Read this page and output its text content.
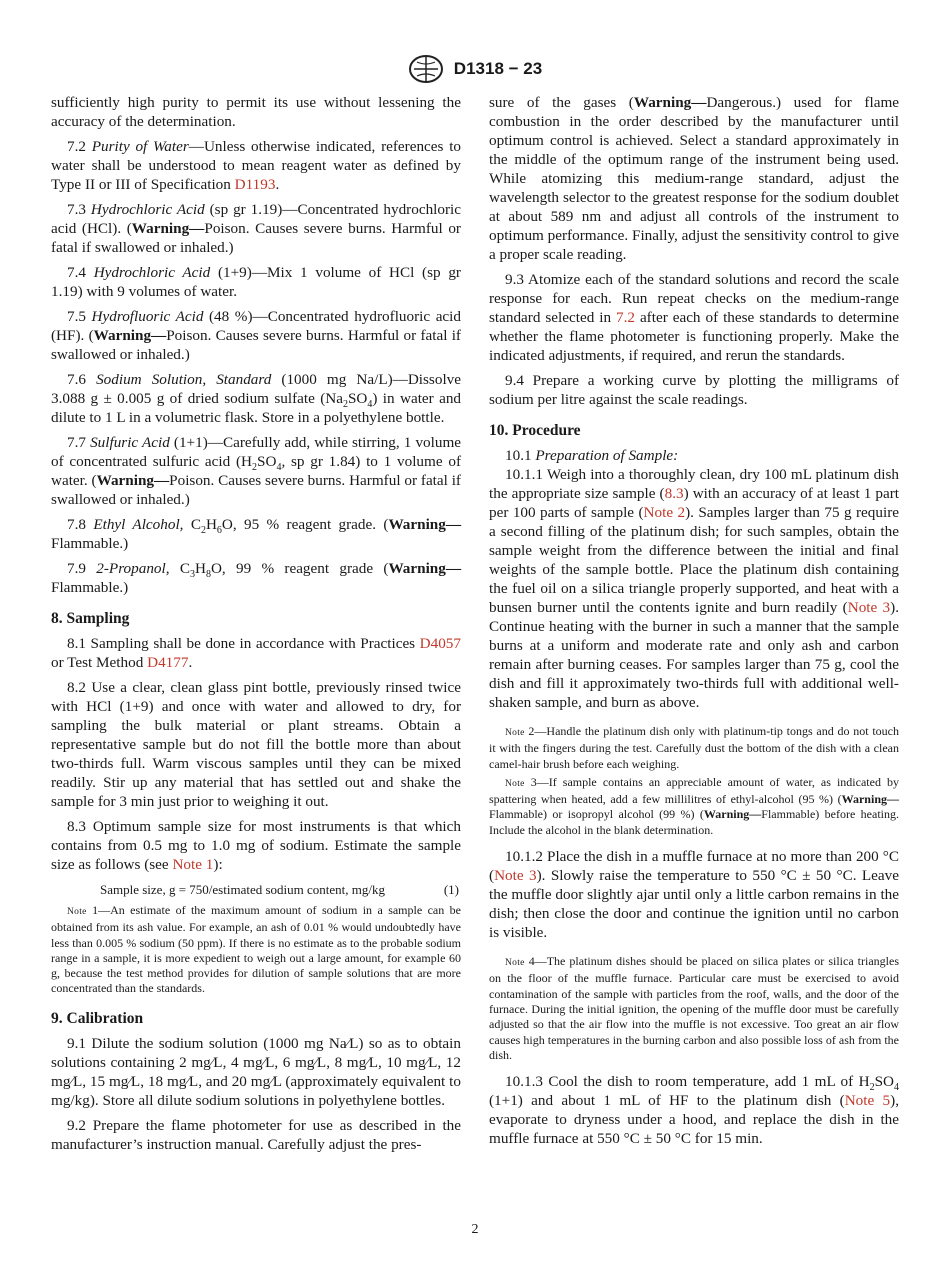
D1318 − 23

sufficiently high purity to permit its use without lessening the accuracy of the determination.

7.2 Purity of Water—Unless otherwise indicated, references to water shall be understood to mean reagent water as defined by Type II or III of Specification D1193.

7.3 Hydrochloric Acid (sp gr 1.19)—Concentrated hydrochloric acid (HCl). (Warning—Poison. Causes severe burns. Harmful or fatal if swallowed or inhaled.)

7.4 Hydrochloric Acid (1+9)—Mix 1 volume of HCl (sp gr 1.19) with 9 volumes of water.

7.5 Hydrofluoric Acid (48 %)—Concentrated hydrofluoric acid (HF). (Warning—Poison. Causes severe burns. Harmful or fatal if swallowed or inhaled.)

7.6 Sodium Solution, Standard (1000 mg Na/L)—Dissolve 3.088 g ± 0.005 g of dried sodium sulfate $(Na_2SO_4)$ in water and dilute to 1 L in a volumetric flask. Store in a polyethylene bottle.

7.7 Sulfuric Acid (1+1)—Carefully add, while stirring, 1 volume of concentrated sulfuric acid ($H_2SO_4$, sp gr 1.84) to 1 volume of water. (Warning—Poison. Causes severe burns. Harmful or fatal if swallowed or inhaled.)

7.8 Ethyl Alcohol, $C_2H_6O$, 95 % reagent grade. (Warning—Flammable.)

7.9 2-Propanol, $C_3H_8O$, 99 % reagent grade (Warning—Flammable.)

8. Sampling

8.1 Sampling shall be done in accordance with Practices D4057 or Test Method D4177.

8.2 Use a clear, clean glass pint bottle, previously rinsed twice with HCl (1+9) and once with water and allowed to dry, for sampling the bulk material or plant streams. Obtain a representative sample but do not fill the bottle more than about two-thirds full. Warm viscous samples until they can be mixed readily. Stir up any material that has settled out and shake the sample for 3 min just prior to weighing it out.

8.3 Optimum sample size for most instruments is that which contains from 0.5 mg to 1.0 mg of sodium. Estimate the sample size as follows (see Note 1):

Sample size, g = 750/estimated sodium content, mg/kg	(1)
Note 1—An estimate of the maximum amount of sodium in a sample can be obtained from its ash value. For example, an ash of 0.01 % would undoubtedly have less than 0.005 % sodium (50 ppm). If there is no estimate as to the probable sodium range in a sample, it is more expedient to weigh out a large amount, for example 60 g, because the test method provides for dilution of sample solutions that are more concentrated than the standards.
9. Calibration

9.1 Dilute the sodium solution (1000 mg Na⁄L) so as to obtain solutions containing 2 mg⁄L, 4 mg⁄L, 6 mg⁄L, 8 mg⁄L, 10 mg⁄L, 12 mg⁄L, 15 mg⁄L, 18 mg⁄L, and 20 mg⁄L (approximately equivalent to mg/kg). Store all dilute sodium solutions in polyethylene bottles.

9.2 Prepare the flame photometer for use as described in the manufacturer’s instruction manual. Carefully adjust the pres-

sure of the gases (Warning—Dangerous.) used for flame combustion in the order described by the manufacturer until optimum control is achieved. Select a standard approximately in the middle of the optimum range of the instrument being used. While atomizing this medium-range standard, adjust the wavelength selector to the greatest response for the sodium doublet at about 589 nm and adjust all controls of the instrument to optimum performance. Finally, adjust the sensitivity control to give a proper scale reading.

9.3 Atomize each of the standard solutions and record the scale response for each. Run repeat checks on the medium-range standard selected in 7.2 after each of these standards to determine whether the flame photometer is functioning properly. Make the indicated adjustments, if required, and rerun the standards.

9.4 Prepare a working curve by plotting the milligrams of sodium per litre against the scale readings.

10. Procedure

10.1 Preparation of Sample:

10.1.1 Weigh into a thoroughly clean, dry 100 mL platinum dish the appropriate size sample (8.3) with an accuracy of at least 1 part per 100 parts of sample (Note 2). Samples larger than 75 g require a second filling of the platinum dish; for such samples, obtain the sample weight from the difference between the initial and final weights of the sample bottle. Place the platinum dish containing the fuel oil on a silica triangle properly supported, and heat with a bunsen burner until the contents ignite and burn readily (Note 3). Continue heating with the burner in such a manner that the sample burns at a uniform and moderate rate and only ash and carbon remain after burning ceases. For samples larger than 75 g, cool the dish and fill it approximately two-thirds full with additional well-shaken sample, and burn as above.

Note 2—Handle the platinum dish only with platinum-tip tongs and do not touch it with the fingers during the test. Carefully dust the bottom of the dish with a clean camel-hair brush before each weighing.
Note 3—If sample contains an appreciable amount of water, as indicated by spattering when heated, add a few millilitres of ethyl-alcohol (95 %) (Warning—Flammable) or isopropyl alcohol (99 %) (Warning—Flammable) before heating. Include the alcohol in the blank determination.

10.1.2 Place the dish in a muffle furnace at no more than 200 °C (Note 3). Slowly raise the temperature to 550 °C ± 50 °C. Leave the muffle door slightly ajar until only a little carbon remains in the dish; then close the door and continue the ignition until no carbon is visible.

Note 4—The platinum dishes should be placed on silica plates or silica triangles on the floor of the muffle furnace. Particular care must be exercised to avoid contamination of the sample with particles from the roof, walls, and the door of the furnace. During the initial ignition, the opening of the muffle door must be carefully adjusted so that the air flow into the muffle is not excessive. Too great an air flow causes high temperatures in the burning carbon and also possible loss of ash from the dish.

10.1.3 Cool the dish to room temperature, add 1 mL of $H_2SO_4$ (1+1) and about 1 mL of HF to the platinum dish (Note 5), evaporate to dryness under a hood, and replace the dish in the muffle furnace at 550 °C ± 50 °C for 15 min.

2
